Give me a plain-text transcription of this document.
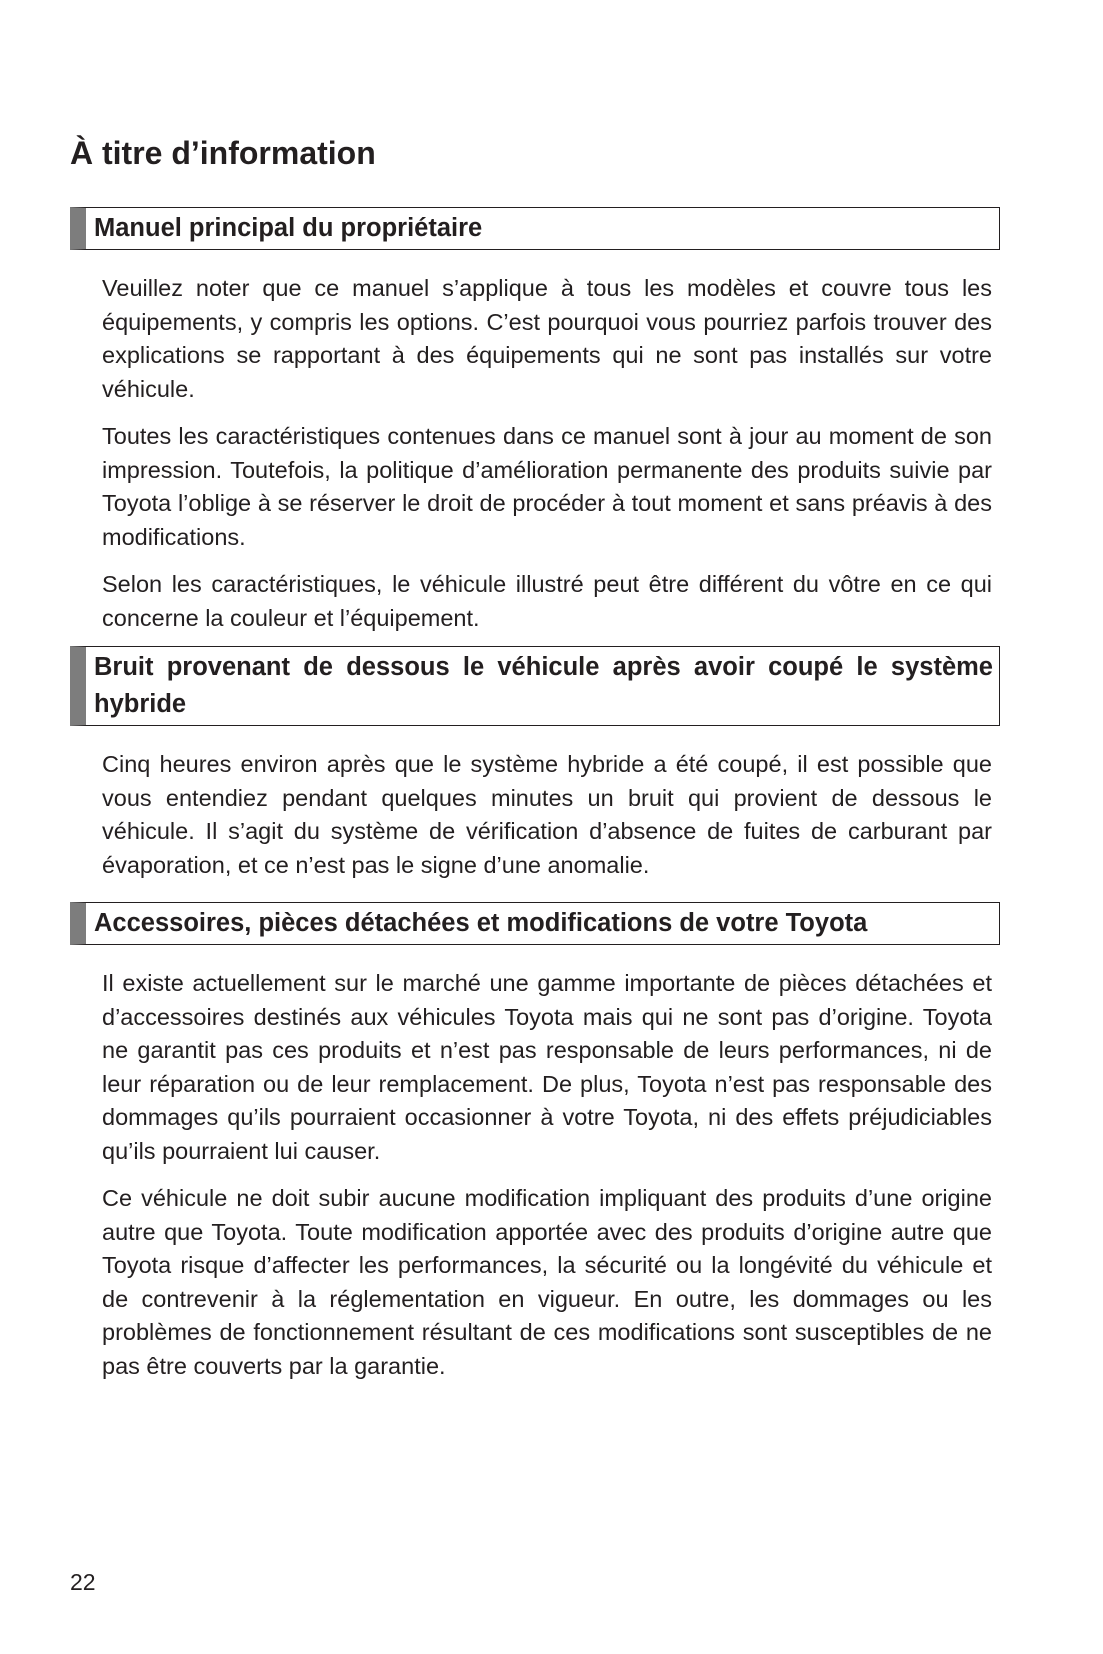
À titre d’information
Manuel principal du propriétaire

Veuillez noter que ce manuel s’applique à tous les modèles et couvre tous les équipements, y compris les options. C’est pourquoi vous pourriez parfois trouver des explications se rapportant à des équipements qui ne sont pas installés sur votre véhicule.

Toutes les caractéristiques contenues dans ce manuel sont à jour au moment de son impression. Toutefois, la politique d’amélioration permanente des produits suivie par Toyota l’oblige à se réserver le droit de procéder à tout moment et sans préavis à des modifications.

Selon les caractéristiques, le véhicule illustré peut être différent du vôtre en ce qui concerne la couleur et l’équipement.

Bruit provenant de dessous le véhicule après avoir coupé le système hybride

Cinq heures environ après que le système hybride a été coupé, il est possible que vous entendiez pendant quelques minutes un bruit qui provient de dessous le véhicule. Il s’agit du système de vérification d’absence de fuites de carburant par évaporation, et ce n’est pas le signe d’une anomalie.

Accessoires, pièces détachées et modifications de votre Toyota

Il existe actuellement sur le marché une gamme importante de pièces détachées et d’accessoires destinés aux véhicules Toyota mais qui ne sont pas d’origine. Toyota ne garantit pas ces produits et n’est pas responsable de leurs performances, ni de leur réparation ou de leur remplacement. De plus, Toyota n’est pas responsable des dommages qu’ils pourraient occasionner à votre Toyota, ni des effets préjudiciables qu’ils pourraient lui causer.

Ce véhicule ne doit subir aucune modification impliquant des produits d’une origine autre que Toyota. Toute modification apportée avec des produits d’origine autre que Toyota risque d’affecter les performances, la sécurité ou la longévité du véhicule et de contrevenir à la réglementation en vigueur. En outre, les dommages ou les problèmes de fonctionnement résultant de ces modifications sont susceptibles de ne pas être couverts par la garantie.

22
